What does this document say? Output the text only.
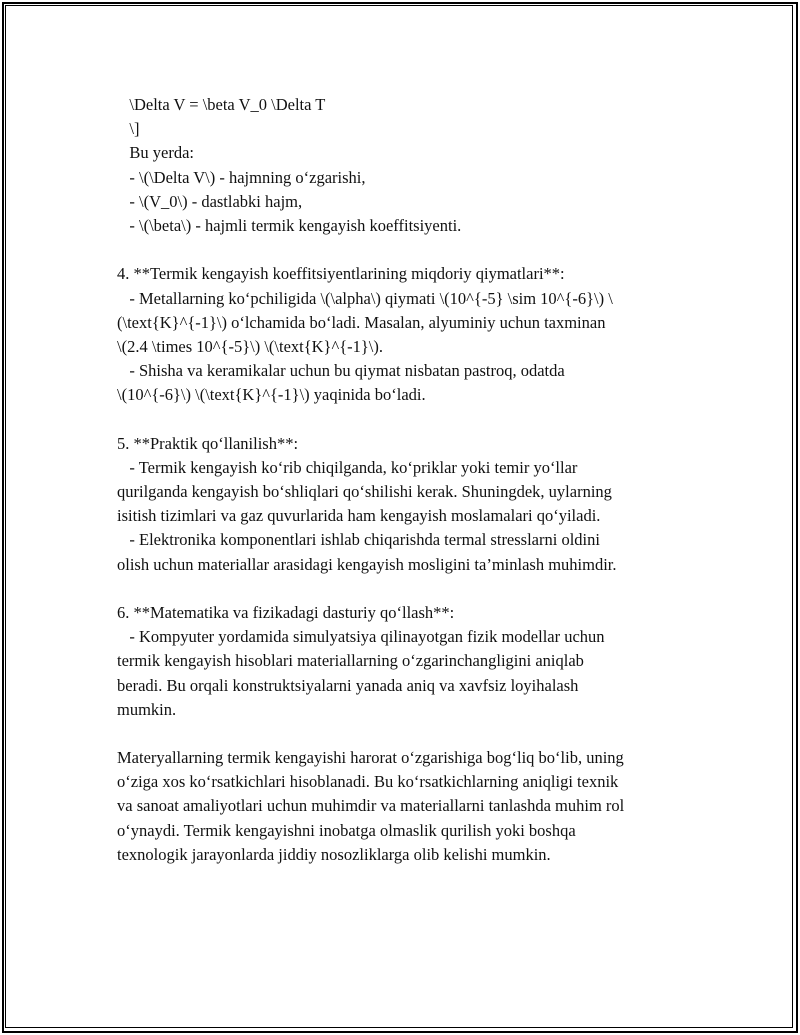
\Delta V = \beta V_0 \Delta T
\]
Bu yerda:
- \(\Delta V\) - hajmning o‘zgarishi,
- \(V_0\) - dastlabki hajm,
- \(\beta\) - hajmli termik kengayish koeffitsiyenti.
4. **Termik kengayish koeffitsiyentlarining miqdoriy qiymatlari**:
- Metallarning ko‘pchiligida \(\alpha\) qiymati \(10^{-5} \sim 10^{-6}\) \
(\text{K}^{-1}\) o‘lchamida bo‘ladi. Masalan, alyuminiy uchun taxminan
\(2.4 \times 10^{-5}\) \(\text{K}^{-1}\).
- Shisha va keramikalar uchun bu qiymat nisbatan pastroq, odatda
\(10^{-6}\) \(\text{K}^{-1}\) yaqinida bo‘ladi.
5. **Praktik qo‘llanilish**:
- Termik kengayish ko‘rib chiqilganda, ko‘priklar yoki temir yo‘llar
qurilganda kengayish bo‘shliqlari qo‘shilishi kerak. Shuningdek, uylarning
isitish tizimlari va gaz quvurlarida ham kengayish moslamalari qo‘yiladi.
- Elektronika komponentlari ishlab chiqarishda termal stresslarni oldini
olish uchun materiallar arasidagi kengayish mosligini ta’minlash muhimdir.
6. **Matematika va fizikadagi dasturiy qo‘llash**:
- Kompyuter yordamida simulyatsiya qilinayotgan fizik modellar uchun
termik kengayish hisoblari materiallarning o‘zgarinchangligini aniqlab
beradi. Bu orqali konstruktsiyalarni yanada aniq va xavfsiz loyihalash
mumkin.
Materyallarning termik kengayishi harorat o‘zgarishiga bog‘liq bo‘lib, uning
o‘ziga xos ko‘rsatkichlari hisoblanadi. Bu ko‘rsatkichlarning aniqligi texnik
va sanoat amaliyotlari uchun muhimdir va materiallarni tanlashda muhim rol
o‘ynaydi. Termik kengayishni inobatga olmaslik qurilish yoki boshqa
texnologik jarayonlarda jiddiy nosozliklarga olib kelishi mumkin.
